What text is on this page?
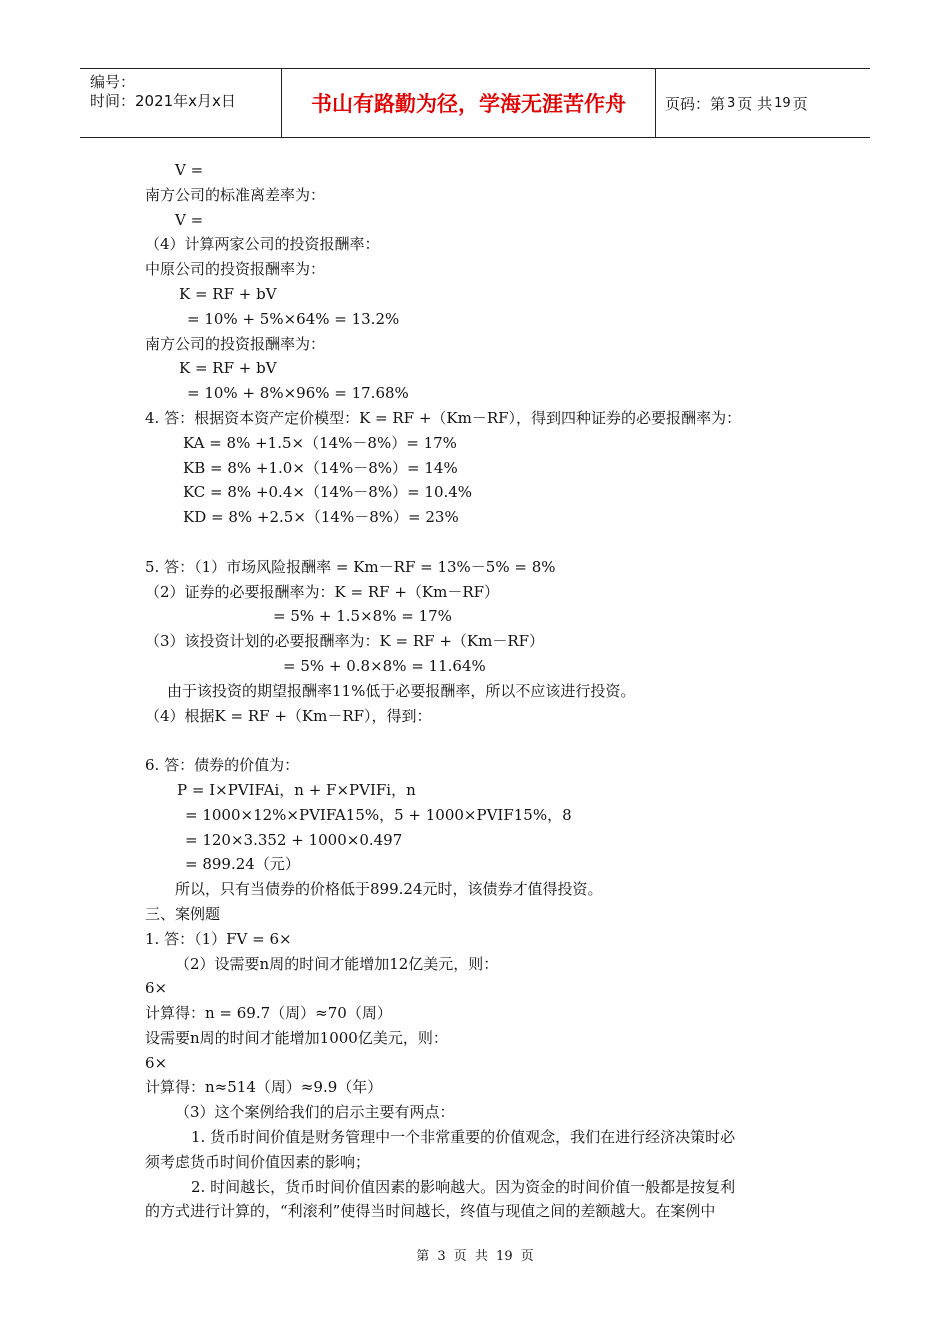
编号：
时间：2021年x月x日	书山有路勤为径，学海无涯苦作舟	页码：第 3 页 共 19 页
V =
南方公司的标准离差率为：
V =
（4）计算两家公司的投资报酬率：
中原公司的投资报酬率为：
K = RF + bV
= 10% + 5%×64% = 13.2%
南方公司的投资报酬率为：
K = RF + bV
= 10% + 8%×96% = 17.68%
4. 答：根据资本资产定价模型：K = RF +（Km－RF），得到四种证券的必要报酬率为：
KA = 8% +1.5×（14%－8%）= 17%
KB = 8% +1.0×（14%－8%）= 14%
KC = 8% +0.4×（14%－8%）= 10.4%
KD = 8% +2.5×（14%－8%）= 23%
5. 答：（1）市场风险报酬率 = Km－RF = 13%－5% = 8%
（2）证券的必要报酬率为：K = RF +（Km－RF）
= 5% + 1.5×8% = 17%
（3）该投资计划的必要报酬率为：K = RF +（Km－RF）
= 5% + 0.8×8% = 11.64%
由于该投资的期望报酬率11%低于必要报酬率，所以不应该进行投资。
（4）根据K = RF +（Km－RF），得到：
6. 答：债券的价值为：
P = I×PVIFAi，n + F×PVIFi，n
= 1000×12%×PVIFA15%，5 + 1000×PVIF15%，8
= 120×3.352 + 1000×0.497
= 899.24（元）
所以，只有当债券的价格低于899.24元时，该债券才值得投资。
三、案例题
1. 答：（1）FV = 6×
（2）设需要n周的时间才能增加12亿美元，则：
6×
计算得：n = 69.7（周）≈70（周）
设需要n周的时间才能增加1000亿美元，则：
6×
计算得：n≈514（周）≈9.9（年）
（3）这个案例给我们的启示主要有两点：
1. 货币时间价值是财务管理中一个非常重要的价值观念，我们在进行经济决策时必
须考虑货币时间价值因素的影响；
2. 时间越长，货币时间价值因素的影响越大。因为资金的时间价值一般都是按复利
的方式进行计算的，“利滚利”使得当时间越长，终值与现值之间的差额越大。在案例中
第 3 页 共 19 页
